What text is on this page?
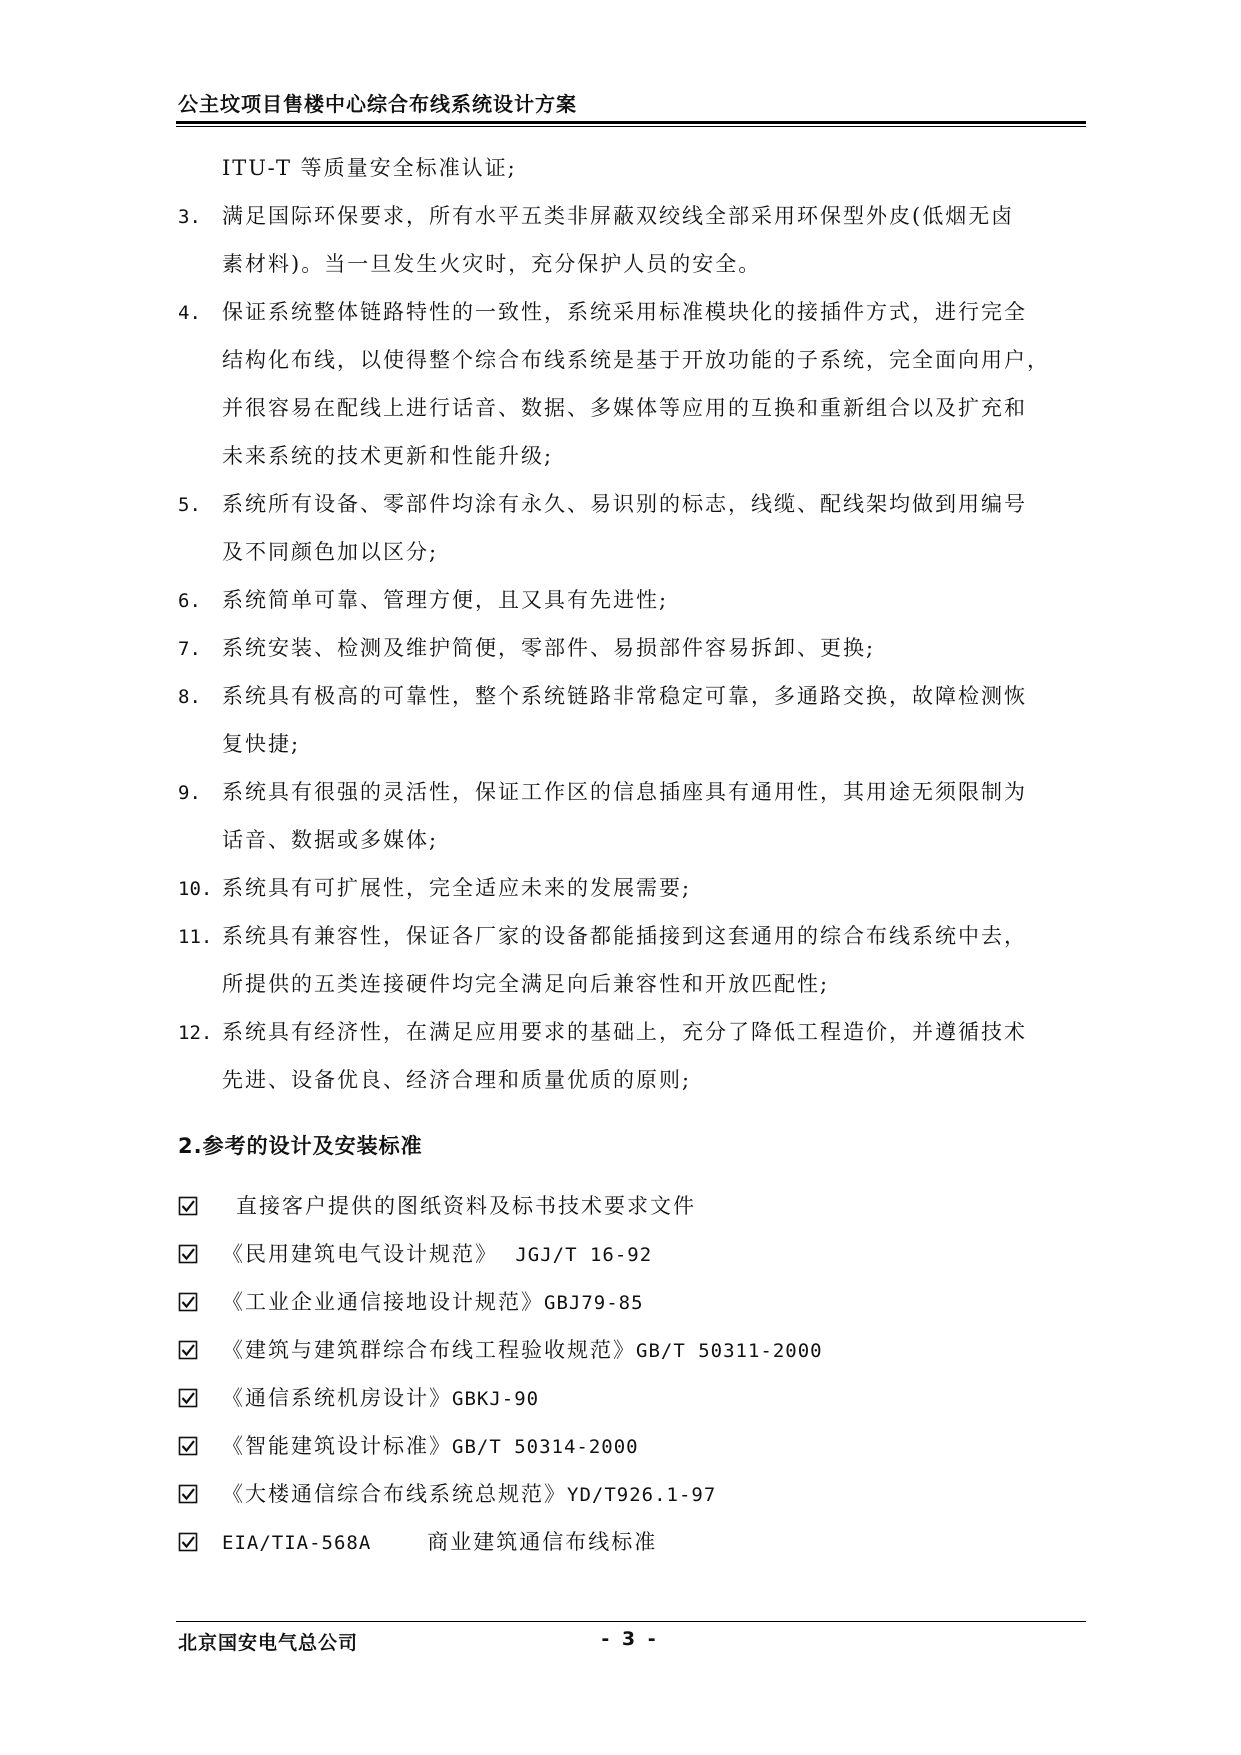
公主坟项目售楼中心综合布线系统设计方案
ITU-T 等质量安全标准认证;
3. 满足国际环保要求，所有水平五类非屏蔽双绞线全部采用环保型外皮(低烟无卤
素材料)。当一旦发生火灾时，充分保护人员的安全。
4. 保证系统整体链路特性的一致性，系统采用标准模块化的接插件方式，进行完全
结构化布线，以使得整个综合布线系统是基于开放功能的子系统，完全面向用户，
并很容易在配线上进行话音、数据、多媒体等应用的互换和重新组合以及扩充和
未来系统的技术更新和性能升级;
5. 系统所有设备、零部件均涂有永久、易识别的标志，线缆、配线架均做到用编号
及不同颜色加以区分;
6. 系统简单可靠、管理方便，且又具有先进性;
7. 系统安装、检测及维护简便，零部件、易损部件容易拆卸、更换;
8. 系统具有极高的可靠性，整个系统链路非常稳定可靠，多通路交换，故障检测恢
复快捷;
9. 系统具有很强的灵活性，保证工作区的信息插座具有通用性，其用途无须限制为
话音、数据或多媒体;
10. 系统具有可扩展性，完全适应未来的发展需要;
11. 系统具有兼容性，保证各厂家的设备都能插接到这套通用的综合布线系统中去，
所提供的五类连接硬件均完全满足向后兼容性和开放匹配性;
12. 系统具有经济性，在满足应用要求的基础上，充分了降低工程造价，并遵循技术
先进、设备优良、经济合理和质量优质的原则;
2.参考的设计及安装标准
直接客户提供的图纸资料及标书技术要求文件
《民用建筑电气设计规范》 JGJ/T 16-92
《工业企业通信接地设计规范》GBJ79-85
《建筑与建筑群综合布线工程验收规范》GB/T 50311-2000
《通信系统机房设计》GBKJ-90
《智能建筑设计标准》GB/T 50314-2000
《大楼通信综合布线系统总规范》YD/T926.1-97
EIA/TIA-568A	商业建筑通信布线标准
北京国安电气总公司	- 3 -
